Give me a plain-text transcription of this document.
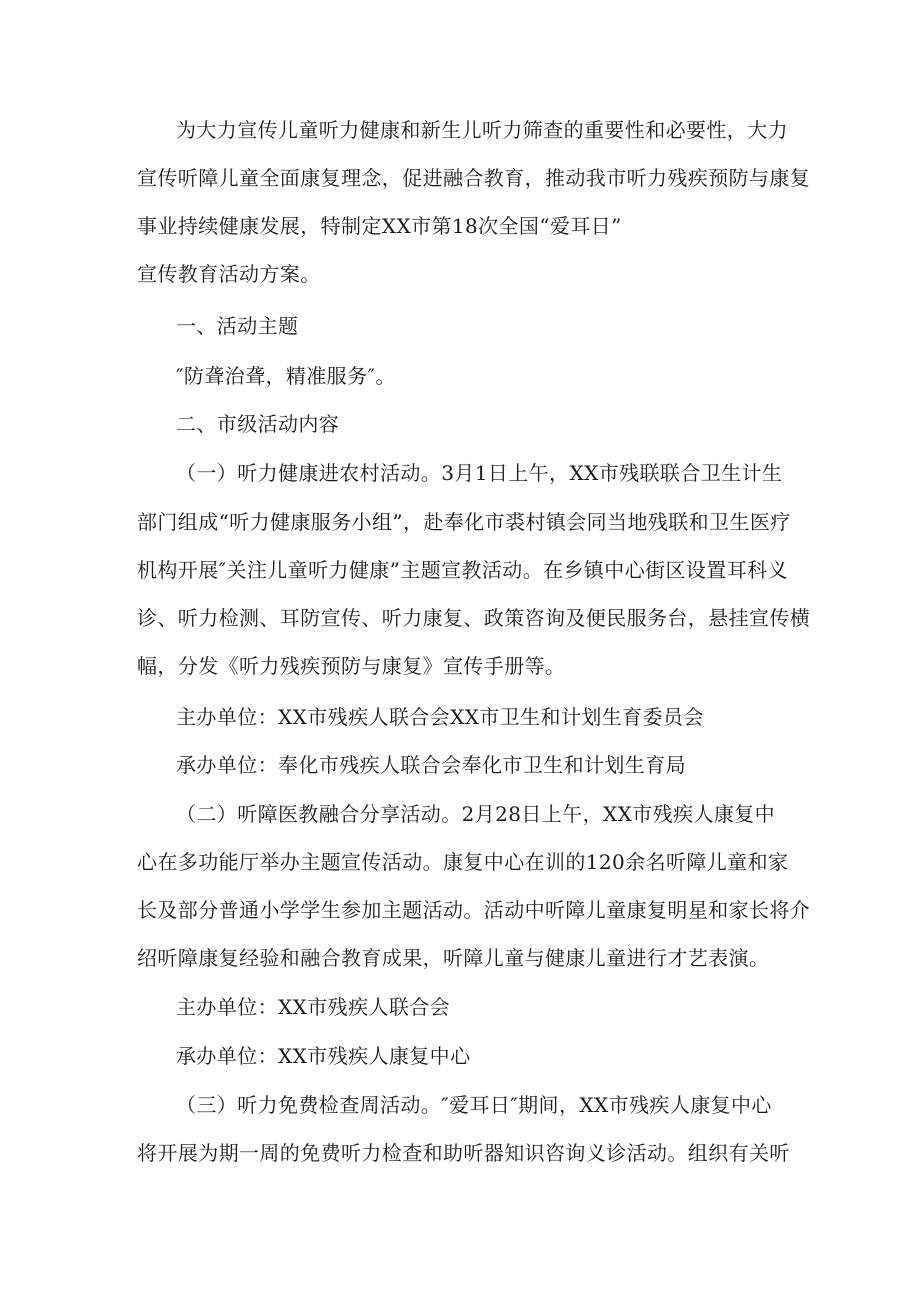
为大力宣传儿童听力健康和新生儿听力筛查的重要性和必要性，大力
宣传听障儿童全面康复理念，促进融合教育，推动我市听力残疾预防与康复
事业持续健康发展，特制定XX市第18次全国“爱耳日”
宣传教育活动方案。
一、活动主题
″防聋治聋，精准服务″。
二、市级活动内容
（一）听力健康进农村活动。3月1日上午，XX市残联联合卫生计生
部门组成“听力健康服务小组”，赴奉化市裘村镇会同当地残联和卫生医疗
机构开展″关注儿童听力健康”主题宣教活动。在乡镇中心街区设置耳科义
诊、听力检测、耳防宣传、听力康复、政策咨询及便民服务台，悬挂宣传横
幅，分发《听力残疾预防与康复》宣传手册等。
主办单位：XX市残疾人联合会XX市卫生和计划生育委员会
承办单位：奉化市残疾人联合会奉化市卫生和计划生育局
（二）听障医教融合分享活动。2月28日上午，XX市残疾人康复中
心在多功能厅举办主题宣传活动。康复中心在训的120余名听障儿童和家
长及部分普通小学学生参加主题活动。活动中听障儿童康复明星和家长将介
绍听障康复经验和融合教育成果，听障儿童与健康儿童进行才艺表演。
主办单位：XX市残疾人联合会
承办单位：XX市残疾人康复中心
（三）听力免费检查周活动。″爱耳日″期间，XX市残疾人康复中心
将开展为期一周的免费听力检查和助听器知识咨询义诊活动。组织有关听
